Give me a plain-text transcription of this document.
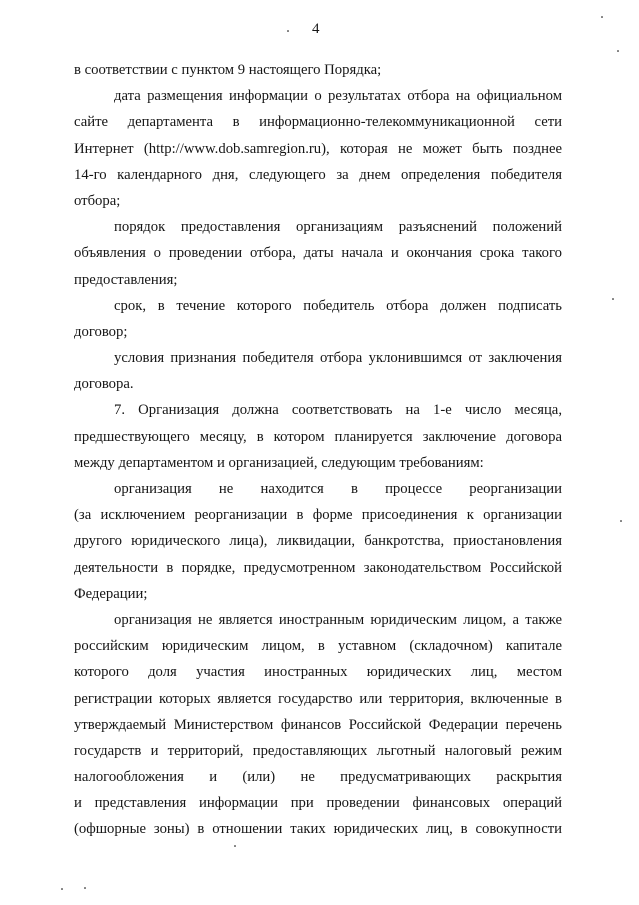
4
в соответствии с пунктом 9 настоящего Порядка;
дата размещения информации о результатах отбора на официальном
сайте департамента в информационно-телекоммуникационной сети
Интернет (http://www.dob.samregion.ru), которая не может быть позднее
14-го календарного дня, следующего за днем определения победителя
отбора;
порядок предоставления организациям разъяснений положений
объявления о проведении отбора, даты начала и окончания срока такого
предоставления;
срок, в течение которого победитель отбора должен подписать
договор;
условия признания победителя отбора уклонившимся от заключения
договора.
7. Организация должна соответствовать на 1-е число месяца,
предшествующего месяцу, в котором планируется заключение договора
между департаментом и организацией, следующим требованиям:
организация не находится в процессе реорганизации
(за исключением реорганизации в форме присоединения к организации
другого юридического лица), ликвидации, банкротства, приостановления
деятельности в порядке, предусмотренном законодательством Российской
Федерации;
организация не является иностранным юридическим лицом, а также
российским юридическим лицом, в уставном (складочном) капитале
которого доля участия иностранных юридических лиц, местом
регистрации которых является государство или территория, включенные в
утверждаемый Министерством финансов Российской Федерации перечень
государств и территорий, предоставляющих льготный налоговый режим
налогообложения и (или) не предусматривающих раскрытия
и представления информации при проведении финансовых операций
(офшорные зоны) в отношении таких юридических лиц, в совокупности
